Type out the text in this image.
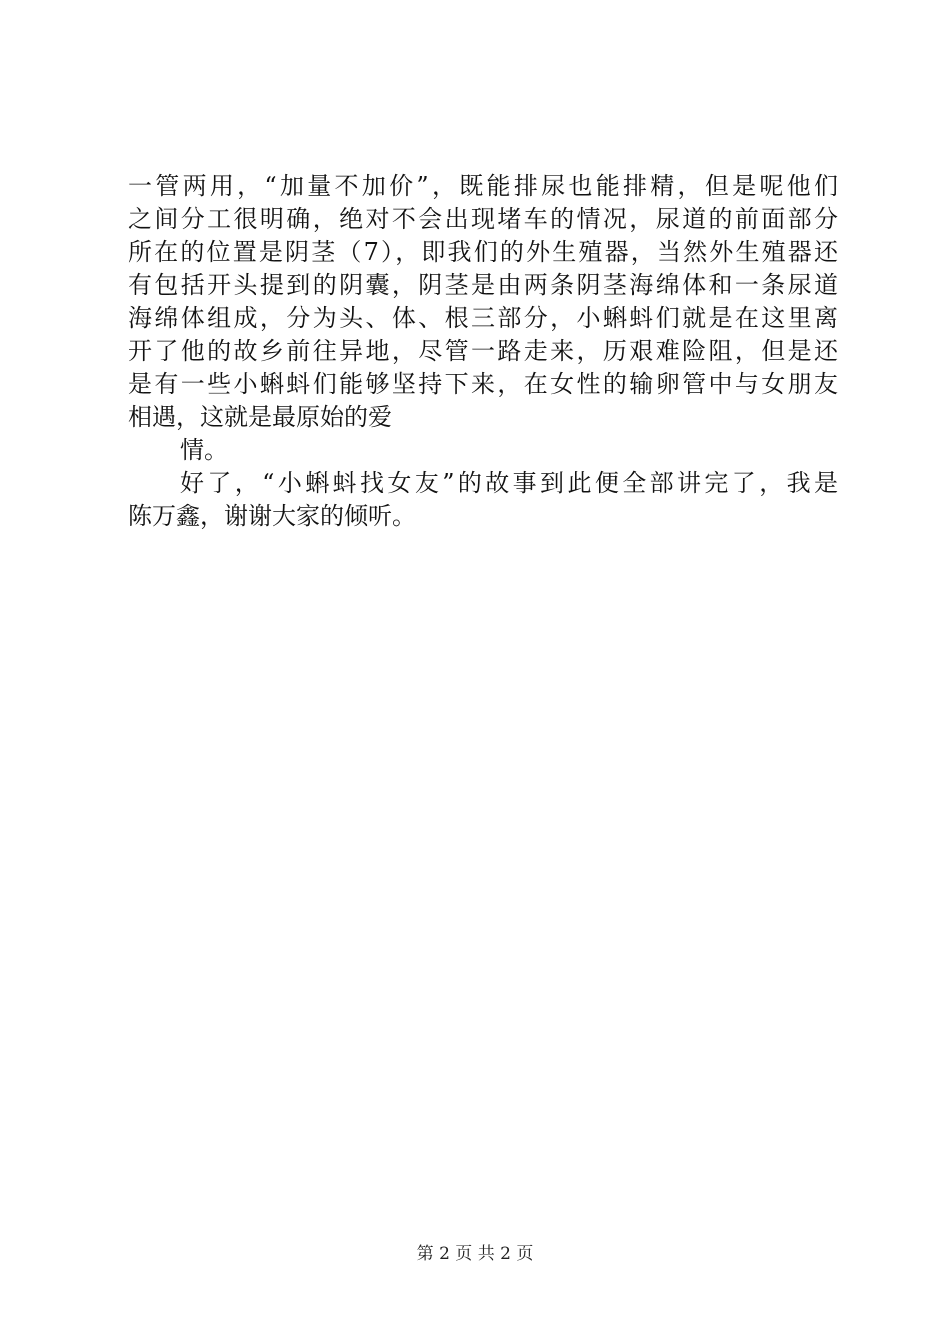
一管两用，“加量不加价”，既能排尿也能排精，但是呢他们
之间分工很明确，绝对不会出现堵车的情况，尿道的前面部分
所在的位置是阴茎（7），即我们的外生殖器，当然外生殖器还
有包括开头提到的阴囊，阴茎是由两条阴茎海绵体和一条尿道
海绵体组成，分为头、体、根三部分，小蝌蚪们就是在这里离
开了他的故乡前往异地，尽管一路走来，历艰难险阻，但是还
是有一些小蝌蚪们能够坚持下来，在女性的输卵管中与女朋友
相遇，这就是最原始的爱
情。
好了，“小蝌蚪找女友”的故事到此便全部讲完了，我是
陈万鑫，谢谢大家的倾听。
第 2 页 共 2 页
